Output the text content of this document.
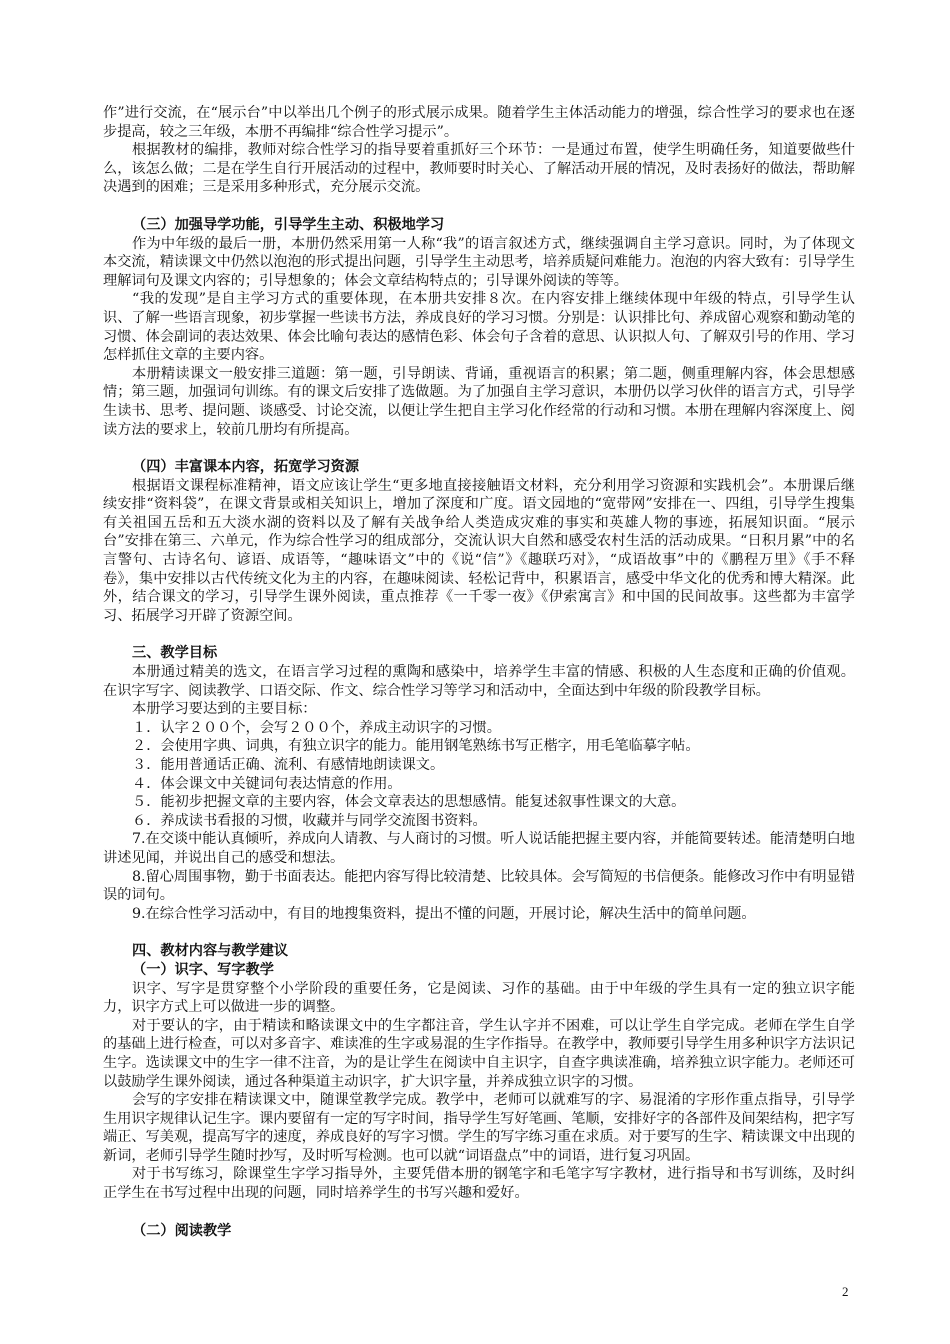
作”进行交流，在“展示台”中以举出几个例子的形式展示成果。随着学生主体活动能力的增强，综合性学习的要求也在逐步提高，较之三年级，本册不再编排“综合性学习提示”。

根据教材的编排，教师对综合性学习的指导要着重抓好三个环节：一是通过布置，使学生明确任务，知道要做些什么，该怎么做；二是在学生自行开展活动的过程中，教师要时时关心、了解活动开展的情况，及时表扬好的做法，帮助解决遇到的困难；三是采用多种形式，充分展示交流。

（三）加强导学功能，引导学生主动、积极地学习

作为中年级的最后一册，本册仍然采用第一人称“我”的语言叙述方式，继续强调自主学习意识。同时，为了体现文本交流，精读课文中仍然以泡泡的形式提出问题，引导学生主动思考，培养质疑问难能力。泡泡的内容大致有：引导学生理解词句及课文内容的；引导想象的；体会文章结构特点的；引导课外阅读的等等。

“我的发现”是自主学习方式的重要体现，在本册共安排８次。在内容安排上继续体现中年级的特点，引导学生认识、了解一些语言现象，初步掌握一些读书方法，养成良好的学习习惯。分别是：认识排比句、养成留心观察和勤动笔的习惯、体会副词的表达效果、体会比喻句表达的感情色彩、体会句子含着的意思、认识拟人句、了解双引号的作用、学习怎样抓住文章的主要内容。

本册精读课文一般安排三道题：第一题，引导朗读、背诵，重视语言的积累；第二题，侧重理解内容，体会思想感情；第三题，加强词句训练。有的课文后安排了选做题。为了加强自主学习意识，本册仍以学习伙伴的语言方式，引导学生读书、思考、提问题、谈感受、讨论交流，以便让学生把自主学习化作经常的行动和习惯。本册在理解内容深度上、阅读方法的要求上，较前几册均有所提高。

（四）丰富课本内容，拓宽学习资源

根据语文课程标准精神，语文应该让学生“更多地直接接触语文材料，充分利用学习资源和实践机会”。本册课后继续安排“资料袋”，在课文背景或相关知识上，增加了深度和广度。语文园地的“宽带网”安排在一、四组，引导学生搜集有关祖国五岳和五大淡水湖的资料以及了解有关战争给人类造成灾难的事实和英雄人物的事迹，拓展知识面。“展示台”安排在第三、六单元，作为综合性学习的组成部分，交流认识大自然和感受农村生活的活动成果。“日积月累”中的名言警句、古诗名句、谚语、成语等，“趣味语文”中的《说“信”》《趣联巧对》，“成语故事”中的《鹏程万里》《手不释卷》，集中安排以古代传统文化为主的内容，在趣味阅读、轻松记背中，积累语言，感受中华文化的优秀和博大精深。此外，结合课文的学习，引导学生课外阅读，重点推荐《一千零一夜》《伊索寓言》和中国的民间故事。这些都为丰富学习、拓展学习开辟了资源空间。

三、教学目标

本册通过精美的选文，在语言学习过程的熏陶和感染中，培养学生丰富的情感、积极的人生态度和正确的价值观。在识字写字、阅读教学、口语交际、作文、综合性学习等学习和活动中，全面达到中年级的阶段教学目标。

本册学习要达到的主要目标：

１．认字２００个，会写２００个，养成主动识字的习惯。

２．会使用字典、词典，有独立识字的能力。能用钢笔熟练书写正楷字，用毛笔临摹字帖。

３．能用普通话正确、流利、有感情地朗读课文。

４．体会课文中关键词句表达情意的作用。

５．能初步把握文章的主要内容，体会文章表达的思想感情。能复述叙事性课文的大意。

６．养成读书看报的习惯，收藏并与同学交流图书资料。

7.在交谈中能认真倾听，养成向人请教、与人商讨的习惯。听人说话能把握主要内容，并能简要转述。能清楚明白地讲述见闻，并说出自己的感受和想法。

8.留心周围事物，勤于书面表达。能把内容写得比较清楚、比较具体。会写简短的书信便条。能修改习作中有明显错误的词句。

9.在综合性学习活动中，有目的地搜集资料，提出不懂的问题，开展讨论，解决生活中的简单问题。

四、教材内容与教学建议

（一）识字、写字教学

识字、写字是贯穿整个小学阶段的重要任务，它是阅读、习作的基础。由于中年级的学生具有一定的独立识字能力，识字方式上可以做进一步的调整。

对于要认的字，由于精读和略读课文中的生字都注音，学生认字并不困难，可以让学生自学完成。老师在学生自学的基础上进行检查，可以对多音字、难读准的生字或易混的生字作指导。在教学中，教师要引导学生用多种识字方法识记生字。选读课文中的生字一律不注音，为的是让学生在阅读中自主识字，自查字典读准确，培养独立识字能力。老师还可以鼓励学生课外阅读，通过各种渠道主动识字，扩大识字量，并养成独立识字的习惯。

会写的字安排在精读课文中，随课堂教学完成。教学中，老师可以就难写的字、易混淆的字形作重点指导，引导学生用识字规律认记生字。课内要留有一定的写字时间，指导学生写好笔画、笔顺，安排好字的各部件及间架结构，把字写端正、写美观，提高写字的速度，养成良好的写字习惯。学生的写字练习重在求质。对于要写的生字、精读课文中出现的新词，老师引导学生随时抄写，及时听写检测。也可以就“词语盘点”中的词语，进行复习巩固。

对于书写练习，除课堂生字学习指导外，主要凭借本册的钢笔字和毛笔字写字教材，进行指导和书写训练，及时纠正学生在书写过程中出现的问题，同时培养学生的书写兴趣和爱好。

（二）阅读教学

2
